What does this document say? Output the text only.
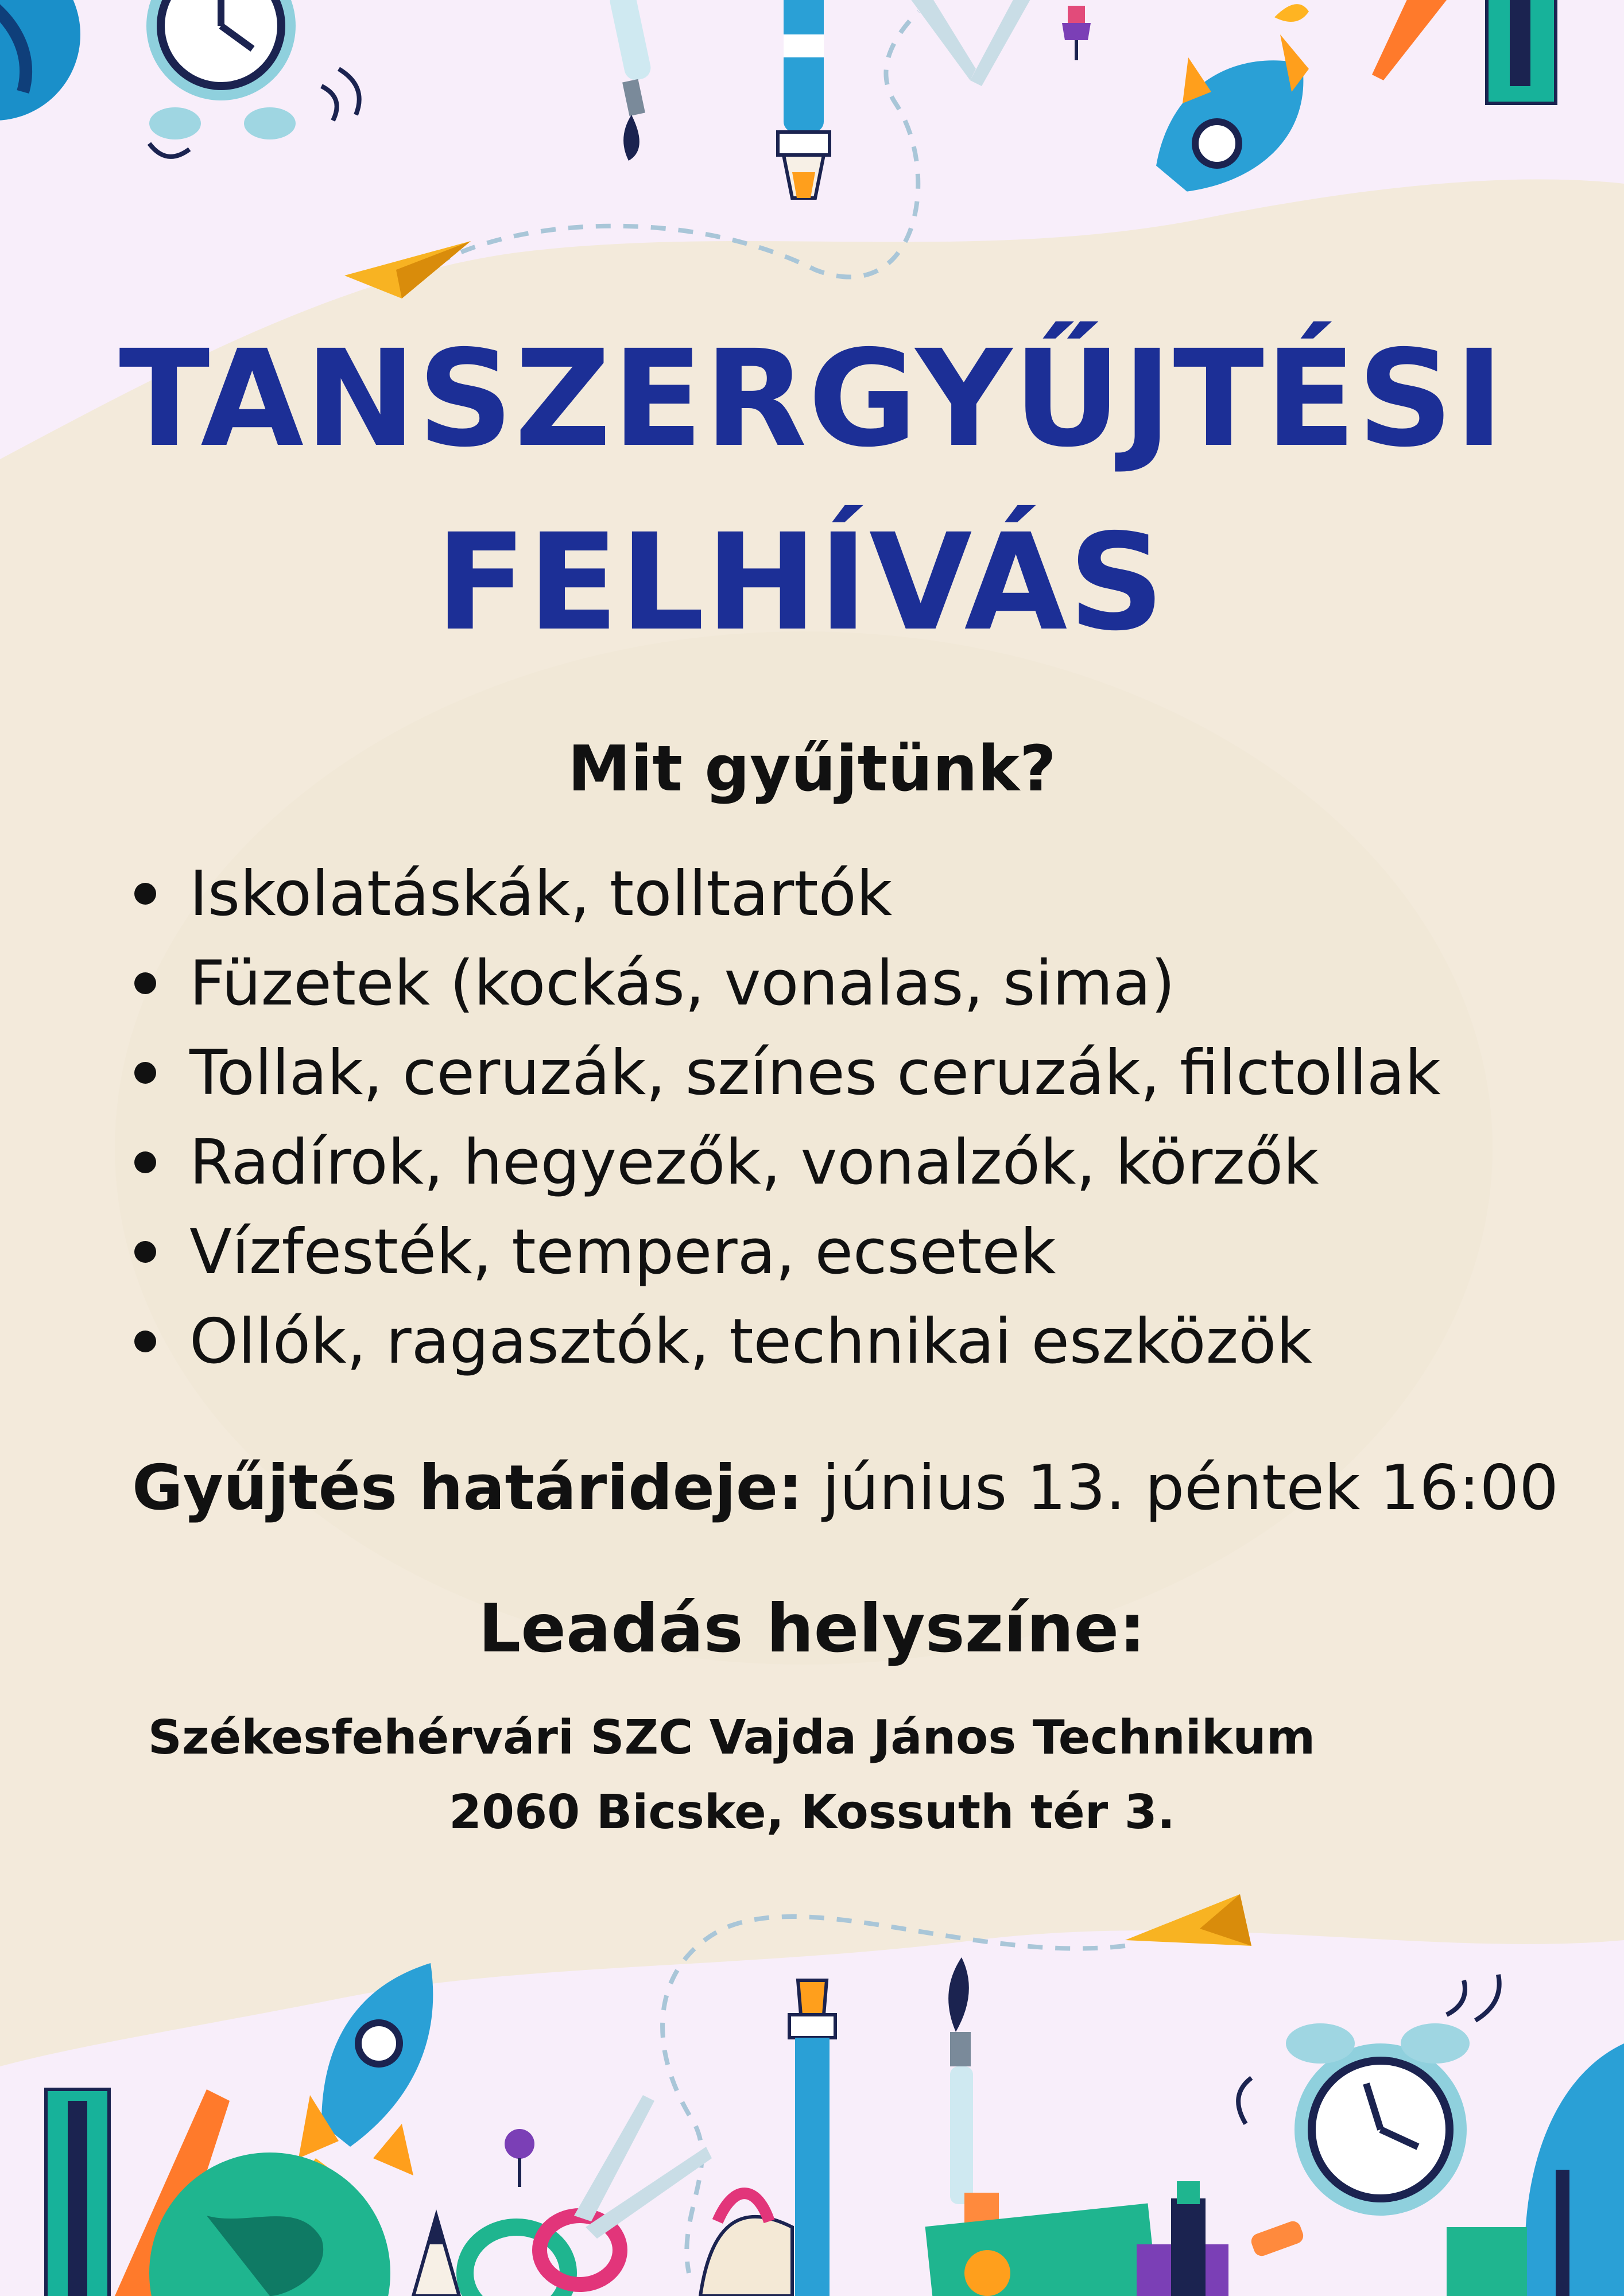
TANSZERGYŰJTÉSI
FELHÍVÁS
Mit gyűjtünk?
Iskolatáskák, tolltartók
Füzetek (kockás, vonalas, sima)
Tollak, ceruzák, színes ceruzák, filctollak
Radírok, hegyezők, vonalzók, körzők
Vízfesték, tempera, ecsetek
Ollók, ragasztók, technikai eszközök
Gyűjtés határideje: június 13. péntek 16:00
Leadás helyszíne:
Székesfehérvári SZC Vajda János Technikum
2060 Bicske, Kossuth tér 3.
